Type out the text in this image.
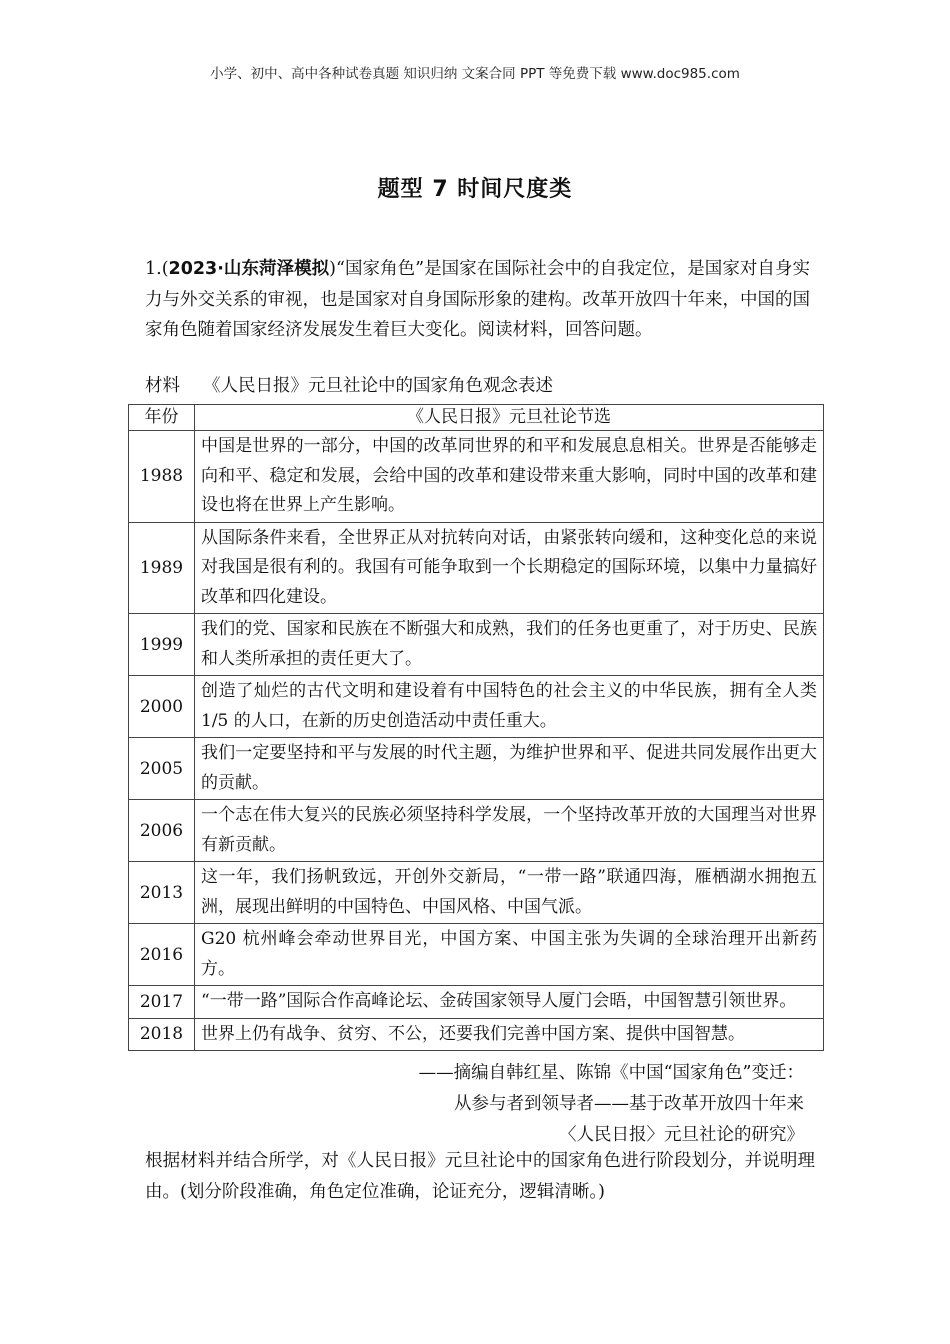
小学、初中、高中各种试卷真题 知识归纳 文案合同 PPT 等免费下载 www.doc985.com
题型 7 时间尺度类
1.(2023·山东菏泽模拟)“国家角色”是国家在国际社会中的自我定位，是国家对自身实力与外交关系的审视，也是国家对自身国际形象的建构。改革开放四十年来，中国的国家角色随着国家经济发展发生着巨大变化。阅读材料，回答问题。
材料 《人民日报》元旦社论中的国家角色观念表述
年份	《人民日报》元旦社论节选
1988	中国是世界的一部分，中国的改革同世界的和平和发展息息相关。世界是否能够走向和平、稳定和发展，会给中国的改革和建设带来重大影响，同时中国的改革和建设也将在世界上产生影响。
1989	从国际条件来看，全世界正从对抗转向对话，由紧张转向缓和，这种变化总的来说对我国是很有利的。我国有可能争取到一个长期稳定的国际环境，以集中力量搞好改革和四化建设。
1999	我们的党、国家和民族在不断强大和成熟，我们的任务也更重了，对于历史、民族和人类所承担的责任更大了。
2000	创造了灿烂的古代文明和建设着有中国特色的社会主义的中华民族，拥有全人类 1/5 的人口，在新的历史创造活动中责任重大。
2005	我们一定要坚持和平与发展的时代主题，为维护世界和平、促进共同发展作出更大的贡献。
2006	一个志在伟大复兴的民族必须坚持科学发展，一个坚持改革开放的大国理当对世界有新贡献。
2013	这一年，我们扬帆致远，开创外交新局，“一带一路”联通四海，雁栖湖水拥抱五洲，展现出鲜明的中国特色、中国风格、中国气派。
2016	G20 杭州峰会牵动世界目光，中国方案、中国主张为失调的全球治理开出新药方。
2017	“一带一路”国际合作高峰论坛、金砖国家领导人厦门会晤，中国智慧引领世界。
2018	世界上仍有战争、贫穷、不公，还要我们完善中国方案、提供中国智慧。
——摘编自韩红星、陈锦《中国“国家角色”变迁：
从参与者到领导者——基于改革开放四十年来
〈人民日报〉元旦社论的研究》
根据材料并结合所学，对《人民日报》元旦社论中的国家角色进行阶段划分，并说明理由。(划分阶段准确，角色定位准确，论证充分，逻辑清晰。)
